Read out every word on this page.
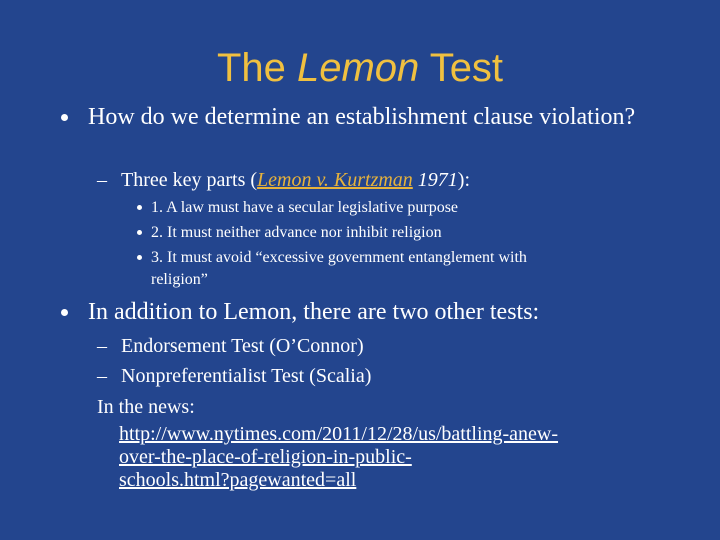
The Lemon Test
How do we determine an establishment clause violation?
– Three key parts (Lemon v. Kurtzman 1971):
1. A law must have a secular legislative purpose
2. It must neither advance nor inhibit religion
3. It must avoid “excessive government entanglement with
religion”
In addition to Lemon, there are two other tests:
– Endorsement Test (O’Connor)
– Nonpreferentialist Test (Scalia)
In the news:
http://www.nytimes.com/2011/12/28/us/battling-anew-
over-the-place-of-religion-in-public-
schools.html?pagewanted=all
